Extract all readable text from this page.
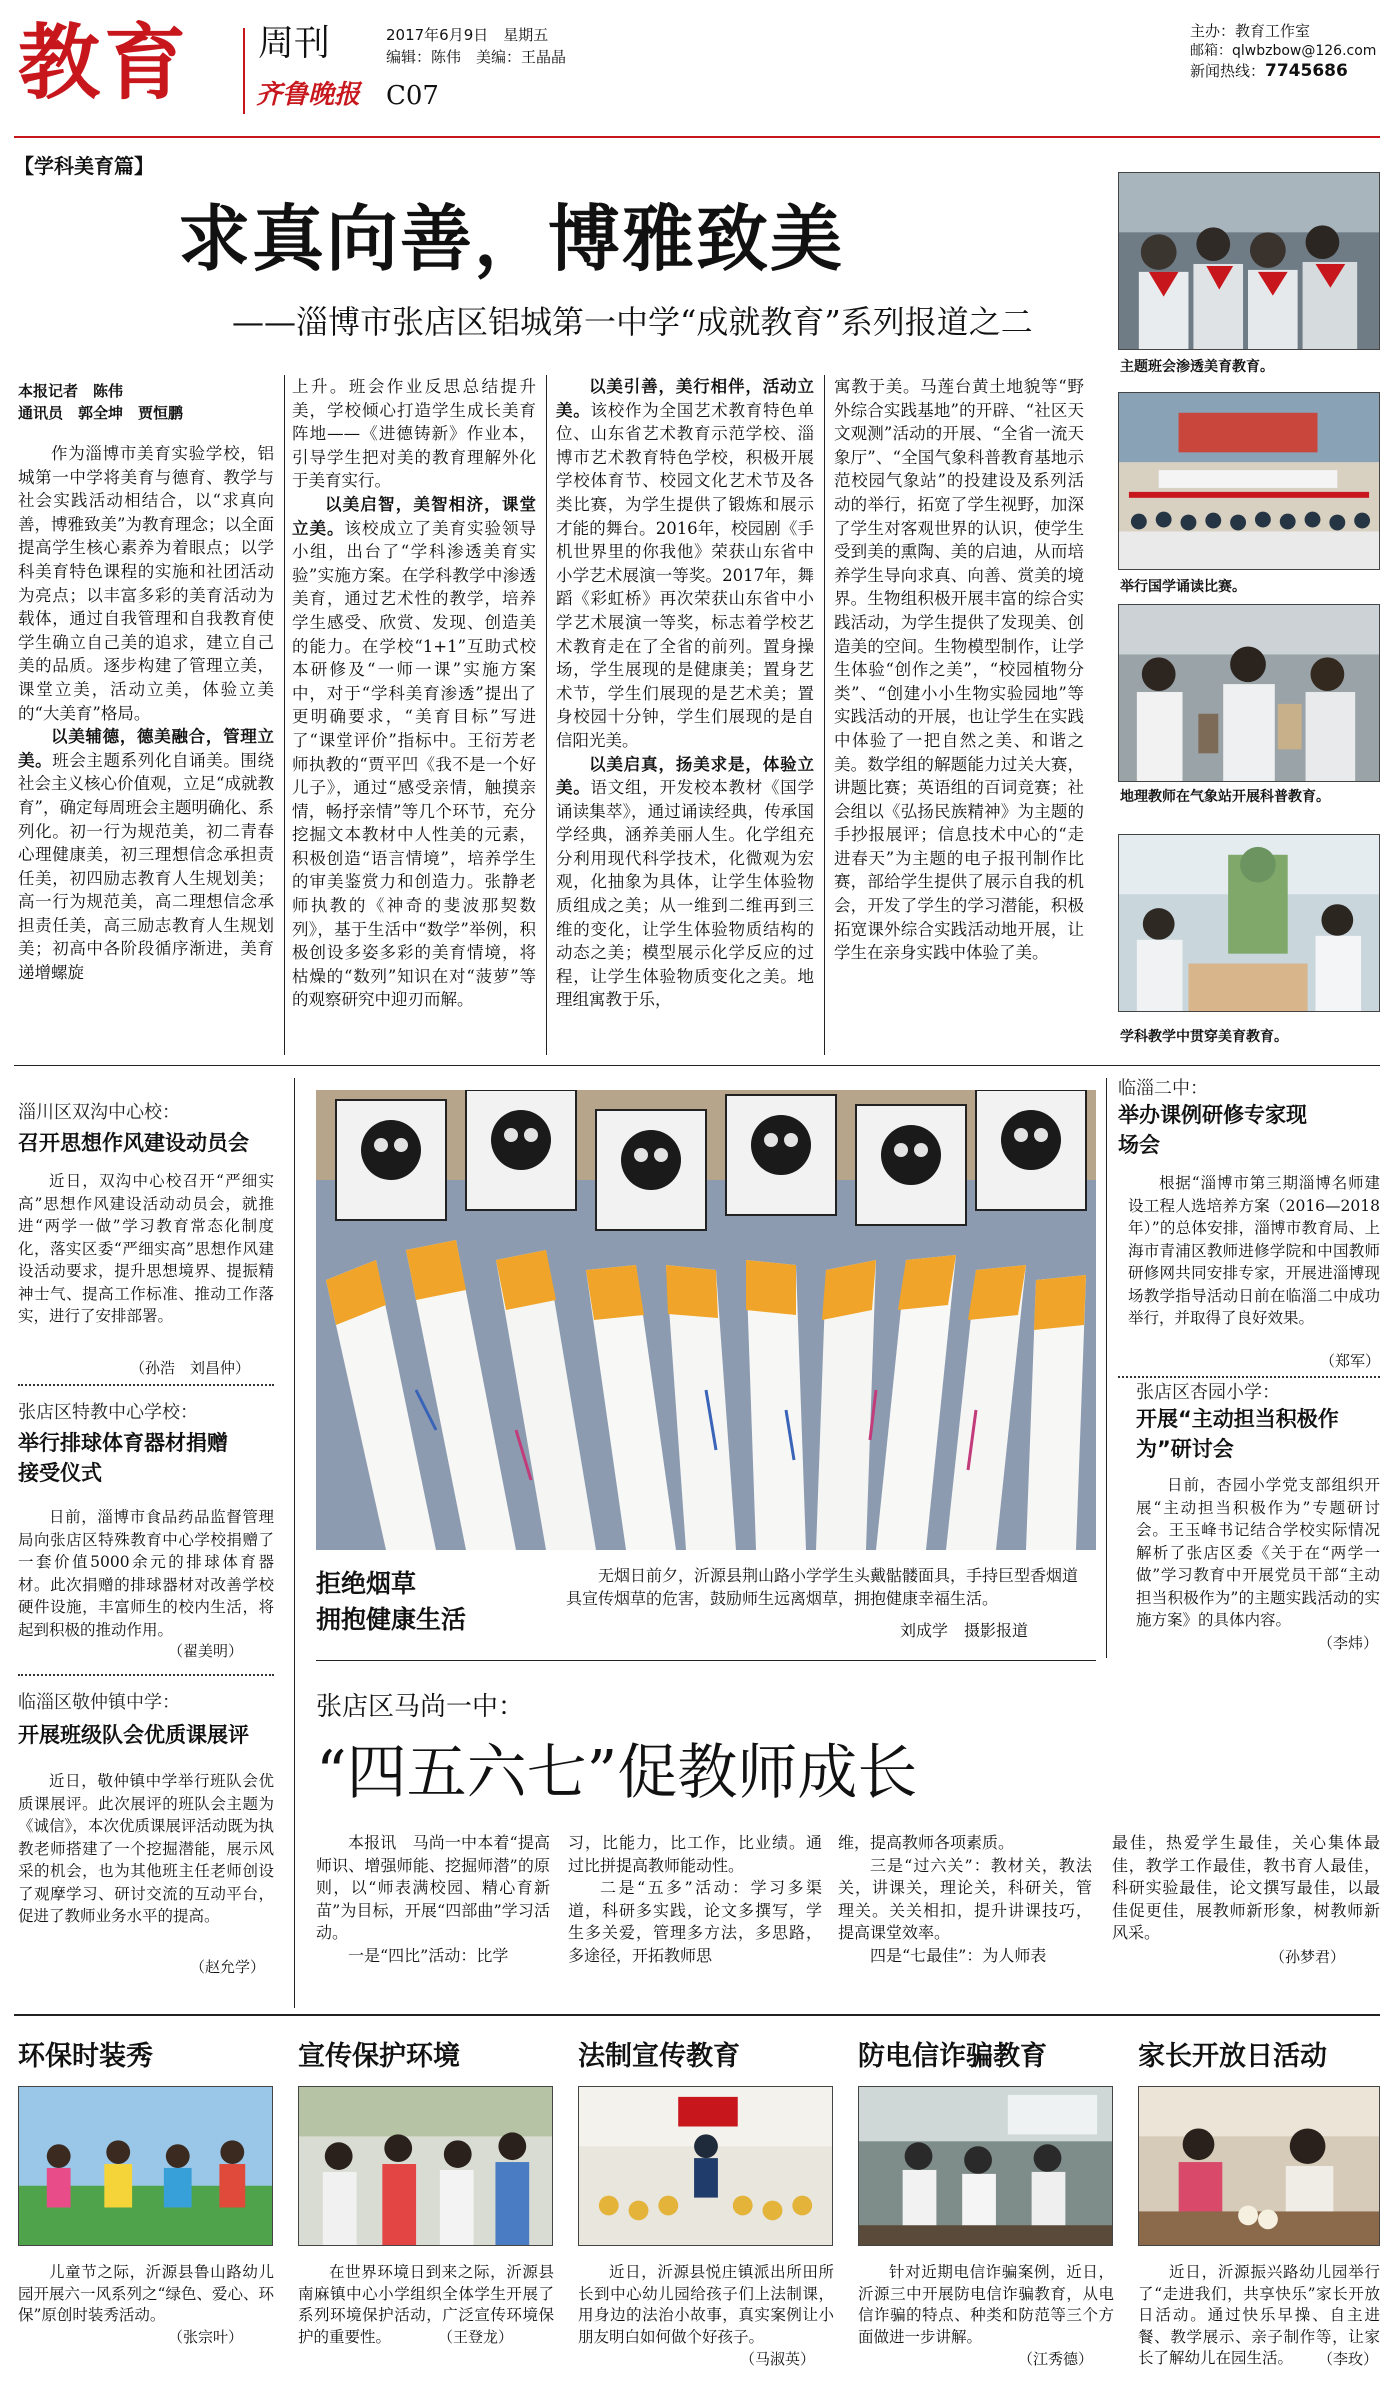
教育 周刊
齐鲁晚报 C07
2017年6月9日　星期五
编辑：陈伟　美编：王晶晶
主办：教育工作室
邮箱：qlwbzbow@126.com
新闻热线：7745686
【学科美育篇】
求真向善，博雅致美
——淄博市张店区铝城第一中学“成就教育”系列报道之二
本报记者　陈伟
通讯员　郭全坤　贾恒鹏

作为淄博市美育实验学校，铝城第一中学将美育与德育、教学与社会实践活动相结合，以“求真向善，博雅致美”为教育理念；以全面提高学生核心素养为着眼点；以学科美育特色课程的实施和社团活动为亮点；以丰富多彩的美育活动为载体，通过自我管理和自我教育使学生确立自己美的追求，建立自己美的品质。逐步构建了管理立美，课堂立美，活动立美，体验立美的“大美育”格局。

以美辅德，德美融合，管理立美。班会主题系列化自诵美。围绕社会主义核心价值观，立足“成就教育”，确定每周班会主题明确化、系列化。初一行为规范美，初二青春心理健康美，初三理想信念承担责任美，初四励志教育人生规划美；高一行为规范美，高二理想信念承担责任美，高三励志教育人生规划美；初高中各阶段循序渐进，美育递增螺旋

上升。班会作业反思总结提升美，学校倾心打造学生成长美育阵地——《进德铸新》作业本，引导学生把对美的教育理解外化于美育实行。

以美启智，美智相济，课堂立美。该校成立了美育实验领导小组，出台了“学科渗透美育实验”实施方案。在学科教学中渗透美育，通过艺术性的教学，培养学生感受、欣赏、发现、创造美的能力。在学校“1+1”互助式校本研修及“一师一课”实施方案中，对于“学科美育渗透”提出了更明确要求，“美育目标”写进了“课堂评价”指标中。王衍芳老师执教的“贾平凹《我不是一个好儿子》，通过“感受亲情，触摸亲情，畅抒亲情”等几个环节，充分挖掘文本教材中人性美的元素，积极创造“语言情境”，培养学生的审美鉴赏力和创造力。张静老师执教的《神奇的斐波那契数列》，基于生活中“数学”举例，积极创设多姿多彩的美育情境，将枯燥的“数列”知识在对“菠萝”等的观察研究中迎刃而解。

以美引善，美行相伴，活动立美。该校作为全国艺术教育特色单位、山东省艺术教育示范学校、淄博市艺术教育特色学校，积极开展学校体育节、校园文化艺术节及各类比赛，为学生提供了锻炼和展示才能的舞台。2016年，校园剧《手机世界里的你我他》荣获山东省中小学艺术展演一等奖。2017年，舞蹈《彩虹桥》再次荣获山东省中小学艺术展演一等奖，标志着学校艺术教育走在了全省的前列。置身操场，学生展现的是健康美；置身艺术节，学生们展现的是艺术美；置身校园十分钟，学生们展现的是自信阳光美。

以美启真，扬美求是，体验立美。语文组，开发校本教材《国学诵读集萃》，通过诵读经典，传承国学经典，涵养美丽人生。化学组充分利用现代科学技术，化微观为宏观，化抽象为具体，让学生体验物质组成之美；从一维到二维再到三维的变化，让学生体验物质结构的动态之美；模型展示化学反应的过程，让学生体验物质变化之美。地理组寓教于乐，

寓教于美。马莲台黄土地貌等“野外综合实践基地”的开辟、“社区天文观测”活动的开展、“全省一流天象厅”、“全国气象科普教育基地示范校园气象站”的投建设及系列活动的举行，拓宽了学生视野，加深了学生对客观世界的认识，使学生受到美的熏陶、美的启迪，从而培养学生导向求真、向善、赏美的境界。生物组积极开展丰富的综合实践活动，为学生提供了发现美、创造美的空间。生物模型制作，让学生体验“创作之美”，“校园植物分类”、“创建小小生物实验园地”等实践活动的开展，也让学生在实践中体验了一把自然之美、和谐之美。数学组的解题能力过关大赛，讲题比赛；英语组的百词竞赛；社会组以《弘扬民族精神》为主题的手抄报展评；信息技术中心的“走进春天”为主题的电子报刊制作比赛，部给学生提供了展示自我的机会，开发了学生的学习潜能，积极拓宽课外综合实践活动地开展，让学生在亲身实践中体验了美。

主题班会渗透美育教育。
举行国学诵读比赛。
地理教师在气象站开展科普教育。
学科教学中贯穿美育教育。
淄川区双沟中心校：
召开思想作风建设动员会
近日，双沟中心校召开“严细实高”思想作风建设活动动员会，就推进“两学一做”学习教育常态化制度化，落实区委“严细实高”思想作风建设活动要求，提升思想境界、提振精神士气、提高工作标准、推动工作落实，进行了安排部署。
（孙浩　刘昌仲）
张店区特教中心学校：
举行排球体育器材捐赠接受仪式
日前，淄博市食品药品监督管理局向张店区特殊教育中心学校捐赠了一套价值5000余元的排球体育器材。此次捐赠的排球器材对改善学校硬件设施，丰富师生的校内生活，将起到积极的推动作用。
（翟美明）
临淄区敬仲镇中学：
开展班级队会优质课展评
近日，敬仲镇中学举行班队会优质课展评。此次展评的班队会主题为《诚信》，本次优质课展评活动既为执教老师搭建了一个挖掘潜能，展示风采的机会，也为其他班主任老师创设了观摩学习、研讨交流的互动平台，促进了教师业务水平的提高。
（赵允学）
拒绝烟草
拥抱健康生活
无烟日前夕，沂源县荆山路小学学生头戴骷髅面具，手持巨型香烟道具宣传烟草的危害，鼓励师生远离烟草，拥抱健康幸福生活。
刘成学　摄影报道
临淄二中：
举办课例研修专家现场会
根据“淄博市第三期淄博名师建设工程人选培养方案（2016—2018年）”的总体安排，淄博市教育局、上海市青浦区教师进修学院和中国教师研修网共同安排专家，开展进淄博现场教学指导活动日前在临淄二中成功举行，并取得了良好效果。
（郑军）
张店区杏园小学：
开展“主动担当积极作为”研讨会
日前，杏园小学党支部组织开展“主动担当积极作为”专题研讨会。王玉峰书记结合学校实际情况解析了张店区委《关于在“两学一做”学习教育中开展党员干部“主动担当积极作为”的主题实践活动的实施方案》的具体内容。
（李炜）
张店区马尚一中：
“四五六七”促教师成长

本报讯　马尚一中本着“提高师识、增强师能、挖掘师潜”的原则，以“师表满校园、精心育新苗”为目标，开展“四部曲”学习活动。

一是“四比”活动：比学

习，比能力，比工作，比业绩。通过比拼提高教师能动性。

二是“五多”活动：学习多渠道，科研多实践，论文多撰写，学生多关爱，管理多方法，多思路，多途径，开拓教师思

维，提高教师各项素质。

三是“过六关”：教材关，教法关，讲课关，理论关，科研关，管理关。关关相扣，提升讲课技巧，提高课堂效率。

四是“七最佳”：为人师表

最佳，热爱学生最佳，关心集体最佳，教学工作最佳，教书育人最佳，科研实验最佳，论文撰写最佳，以最佳促更佳，展教师新形象，树教师新风采。

（孙梦君）
环保时装秀
儿童节之际，沂源县鲁山路幼儿园开展六一风系列之“绿色、爱心、环保”原创时装秀活动。
（张宗叶）
宣传保护环境
在世界环境日到来之际，沂源县南麻镇中心小学组织全体学生开展了系列环境保护活动，广泛宣传环境保护的重要性。	（王登龙）
法制宣传教育
近日，沂源县悦庄镇派出所田所长到中心幼儿园给孩子们上法制课，用身边的法治小故事，真实案例让小朋友明白如何做个好孩子。
（马淑英）
防电信诈骗教育
针对近期电信诈骗案例，近日，沂源三中开展防电信诈骗教育，从电信诈骗的特点、种类和防范等三个方面做进一步讲解。
（江秀德）
家长开放日活动
近日，沂源振兴路幼儿园举行了“走进我们，共享快乐”家长开放日活动。通过快乐早操、自主进餐、教学展示、亲子制作等，让家长了解幼儿在园生活。	（李玫）
